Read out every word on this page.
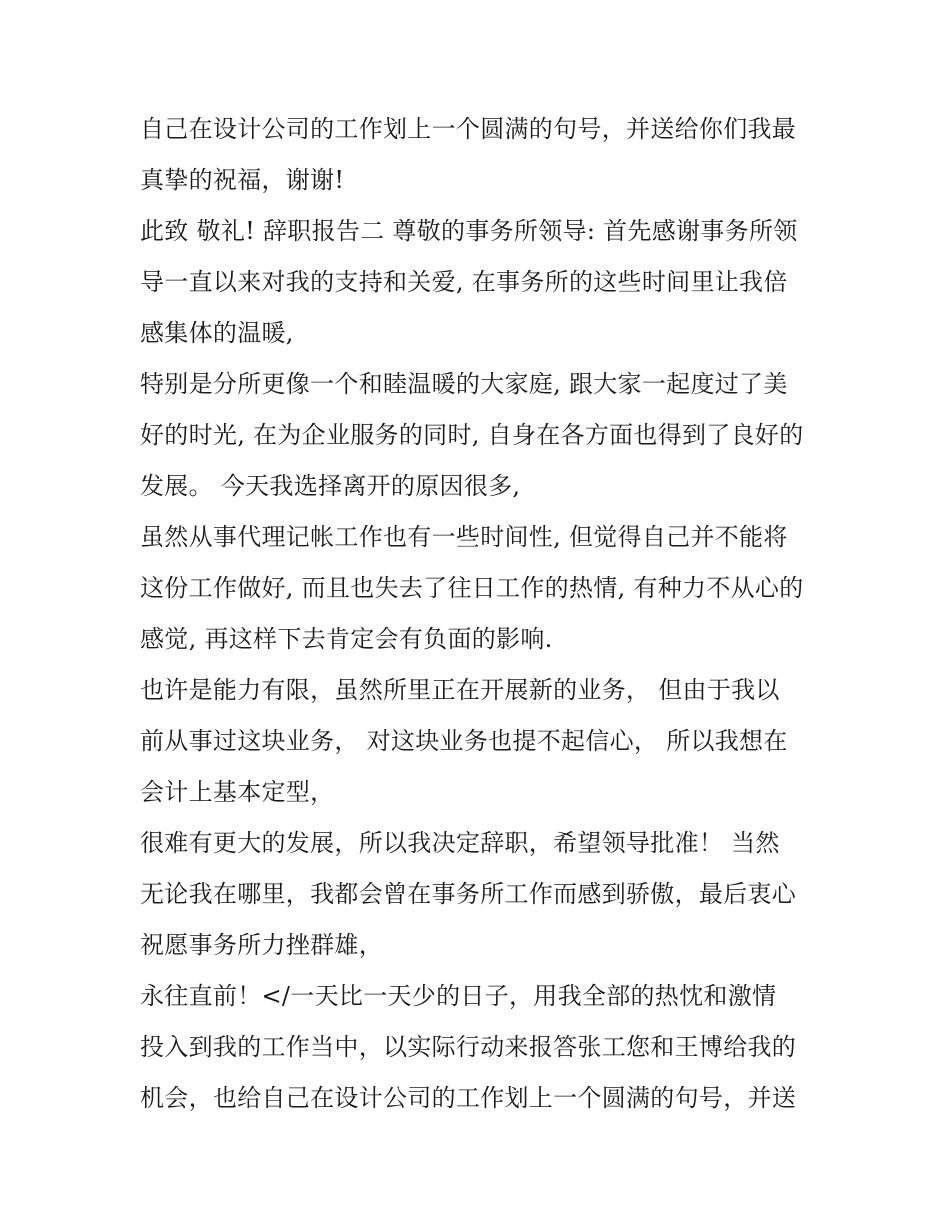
自己在设计公司的工作划上一个圆满的句号，并送给你们我最
真挚的祝福，谢谢!
此致 敬礼! 辞职报告二 尊敬的事务所领导: 首先感谢事务所领
导一直以来对我的支持和关爱, 在事务所的这些时间里让我倍
感集体的温暖,
特别是分所更像一个和睦温暖的大家庭, 跟大家一起度过了美
好的时光, 在为企业服务的同时, 自身在各方面也得到了良好的
发展。 今天我选择离开的原因很多,
虽然从事代理记帐工作也有一些时间性, 但觉得自己并不能将
这份工作做好, 而且也失去了往日工作的热情, 有种力不从心的
感觉, 再这样下去肯定会有负面的影响.
也许是能力有限，虽然所里正在开展新的业务， 但由于我以
前从事过这块业务， 对这块业务也提不起信心， 所以我想在
会计上基本定型，
很难有更大的发展，所以我决定辞职，希望领导批准！ 当然
无论我在哪里，我都会曾在事务所工作而感到骄傲，最后衷心
祝愿事务所力挫群雄，
永往直前！</一天比一天少的日子，用我全部的热忱和激情
投入到我的工作当中，以实际行动来报答张工您和王博给我的
机会，也给自己在设计公司的工作划上一个圆满的句号，并送
